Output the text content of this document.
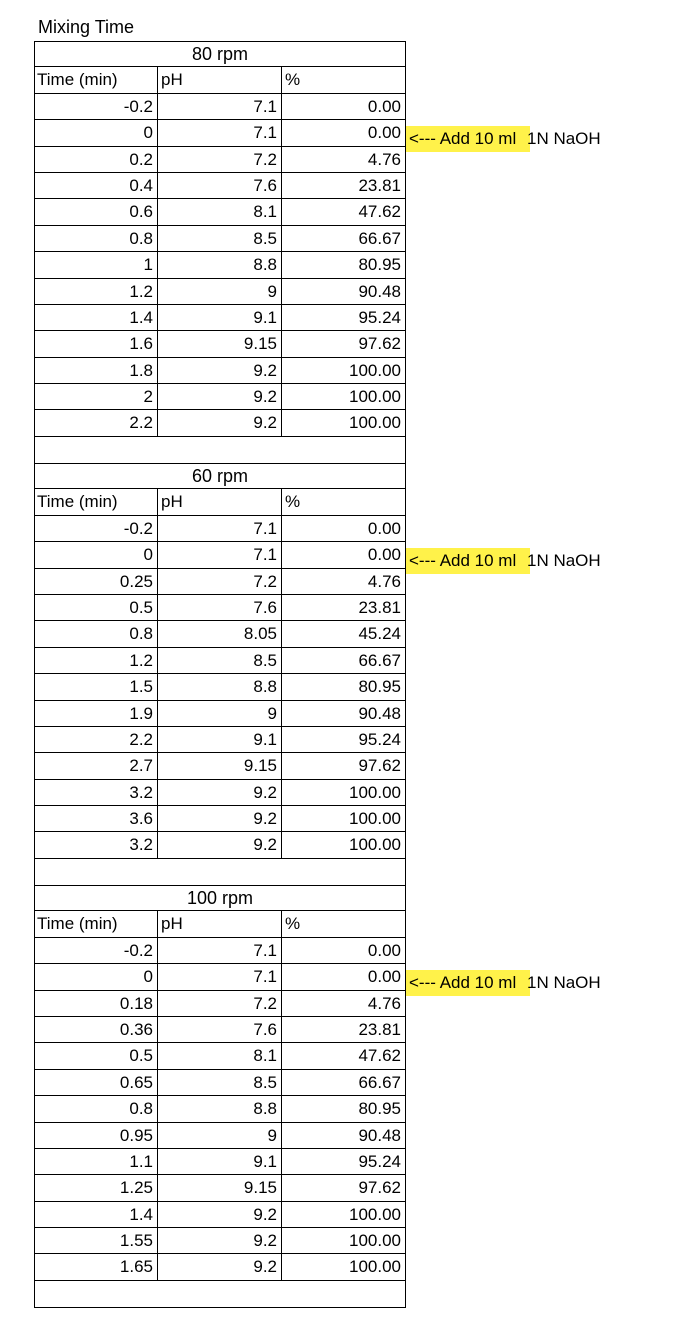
Mixing Time
80 rpm
Time (min)	pH	%
-0.2	7.1	0.00
0	7.1	0.00
0.2	7.2	4.76
0.4	7.6	23.81
0.6	8.1	47.62
0.8	8.5	66.67
1	8.8	80.95
1.2	9	90.48
1.4	9.1	95.24
1.6	9.15	97.62
1.8	9.2	100.00
2	9.2	100.00
2.2	9.2	100.00
60 rpm
Time (min)	pH	%
-0.2	7.1	0.00
0	7.1	0.00
0.25	7.2	4.76
0.5	7.6	23.81
0.8	8.05	45.24
1.2	8.5	66.67
1.5	8.8	80.95
1.9	9	90.48
2.2	9.1	95.24
2.7	9.15	97.62
3.2	9.2	100.00
3.6	9.2	100.00
3.2	9.2	100.00
100 rpm
Time (min)	pH	%
-0.2	7.1	0.00
0	7.1	0.00
0.18	7.2	4.76
0.36	7.6	23.81
0.5	8.1	47.62
0.65	8.5	66.67
0.8	8.8	80.95
0.95	9	90.48
1.1	9.1	95.24
1.25	9.15	97.62
1.4	9.2	100.00
1.55	9.2	100.00
1.65	9.2	100.00
<--- Add 10 ml 1N NaOH
<--- Add 10 ml 1N NaOH
<--- Add 10 ml 1N NaOH
